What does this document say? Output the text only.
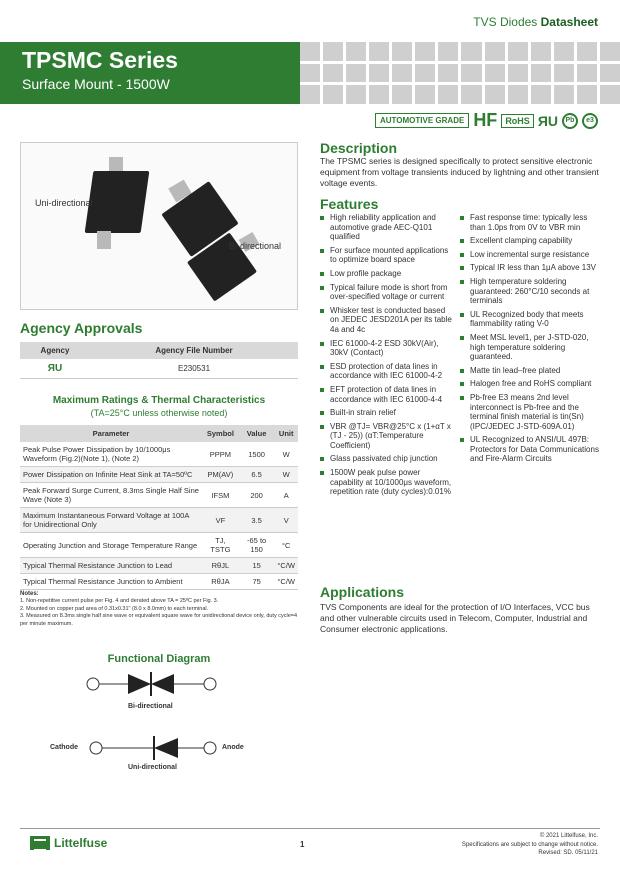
TVS Diodes Datasheet
TPSMC Series
Surface Mount - 1500W
AUTOMOTIVE GRADE HF RoHS ЯU	Pb	e3
Uni-directional
Bi-directional
Agency Approvals
Agency	Agency File Number
ЯU	E230531
Maximum Ratings & Thermal Characteristics
(TA=25°C unless otherwise noted)
Parameter	Symbol	Value	Unit
Peak Pulse Power Dissipation by 10/1000μs Waveform (Fig.2)(Note 1), (Note 2)	PPPM	1500	W
Power Dissipation on Infinite Heat Sink at TA=50ºC	PM(AV)	6.5	W
Peak Forward Surge Current, 8.3ms Single Half Sine Wave (Note 3)	IFSM	200	A
Maximum Instantaneous Forward Voltage at 100A for Unidirectional Only	VF	3.5	V
Operating Junction and Storage Temperature Range	TJ, TSTG	-65 to 150	°C
Typical Thermal Resistance Junction to Lead	RθJL	15	°C/W
Typical Thermal Resistance Junction to Ambient	RθJA	75	°C/W
Notes:
1. Non-repetitive current pulse per Fig. 4 and derated above TA = 25ºC per Fig. 3.
2. Mounted on copper pad area of 0.31x0.31" (8.0 x 8.0mm) to each terminal.
3. Measured on 8.3ms single half sine wave or equivalent square wave for unidirectional device only, duty cycle=4 per minute maximum.
Functional Diagram
Bi-directional
Cathode	Anode
Uni-directional
Description

The TPSMC series is designed specifically to protect sensitive electronic equipment from voltage transients induced by lightning and other transient voltage events.

Features
High reliability application and automotive grade AEC-Q101 qualified
For surface mounted applications to optimize board space
Low profile package
Typical failure mode is short from over-specified voltage or current
Whisker test is conducted based on JEDEC JESD201A per its table 4a and 4c
IEC 61000-4-2 ESD 30kV(Air), 30kV (Contact)
ESD protection of data lines in accordance with IEC 61000-4-2
EFT protection of data lines in accordance with IEC 61000-4-4
Built-in strain relief
VBR @TJ= VBR@25°C x (1+αT x (TJ - 25)) (αT:Temperature Coefficient)
Glass passivated chip junction
1500W peak pulse power capability at 10/1000μs waveform, repetition rate (duty cycles):0.01%
Fast response time: typically less than 1.0ps from 0V to VBR min
Excellent clamping capability
Low incremental surge resistance
Typical IR less than 1μA above 13V
High temperature soldering guaranteed: 260°C/10 seconds at terminals
UL Recognized body that meets flammability rating V-0
Meet MSL level1, per J-STD-020, high temperature soldering guaranteed.
Matte tin lead–free plated
Halogen free and RoHS compliant
Pb-free E3 means 2nd level interconnect is Pb-free and the terminal finish material is tin(Sn) (IPC/JEDEC J-STD-609A.01)
UL Recognized to ANSI/UL 497B: Protectors for Data Communications and Fire-Alarm Circuits
Applications

TVS Components are ideal for the protection of I/O Interfaces, VCC bus and other vulnerable circuits used in Telecom, Computer, Industrial and Consumer electronic applications.

Littelfuse	1
© 2021 Littelfuse, Inc.
Specifications are subject to change without notice.
Revised: SD. 05/11/21
